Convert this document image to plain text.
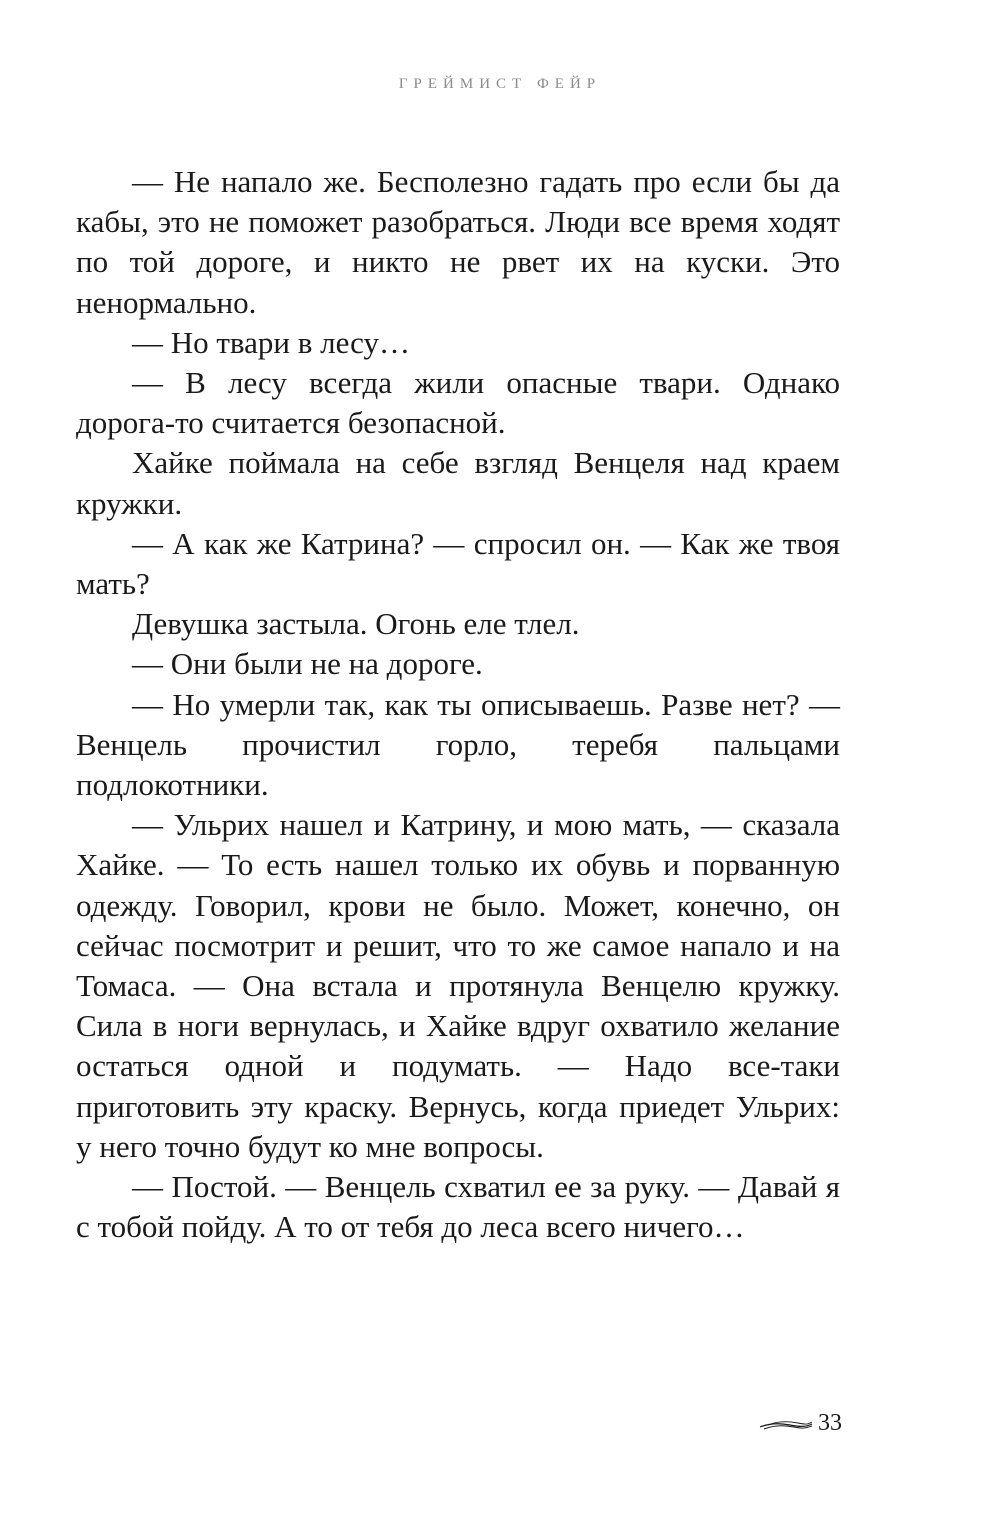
ГРЕЙМИСТ ФЕЙР

— Не напало же. Бесполезно гадать про если бы да кабы, это не поможет разобраться. Люди все время ходят по той дороге, и никто не рвет их на куски. Это ненормально.

— Но твари в лесу…

— В лесу всегда жили опасные твари. Однако дорога-то считается безопасной.

Хайке поймала на себе взгляд Венцеля над краем кружки.

— А как же Катрина? — спросил он. — Как же твоя мать?

Девушка застыла. Огонь еле тлел.

— Они были не на дороге.

— Но умерли так, как ты описываешь. Разве нет? — Венцель прочистил горло, теребя пальцами подлокотники.

— Ульрих нашел и Катрину, и мою мать, — сказала Хайке. — То есть нашел только их обувь и порванную одежду. Говорил, крови не было. Может, конечно, он сейчас посмотрит и решит, что то же самое напало и на Томаса. — Она встала и протянула Венцелю кружку. Сила в ноги вернулась, и Хайке вдруг охватило желание остаться одной и подумать. — Надо все-таки приготовить эту краску. Вернусь, когда приедет Ульрих: у него точно будут ко мне вопросы.

— Постой. — Венцель схватил ее за руку. — Давай я с тобой пойду. А то от тебя до леса всего ничего…

33
